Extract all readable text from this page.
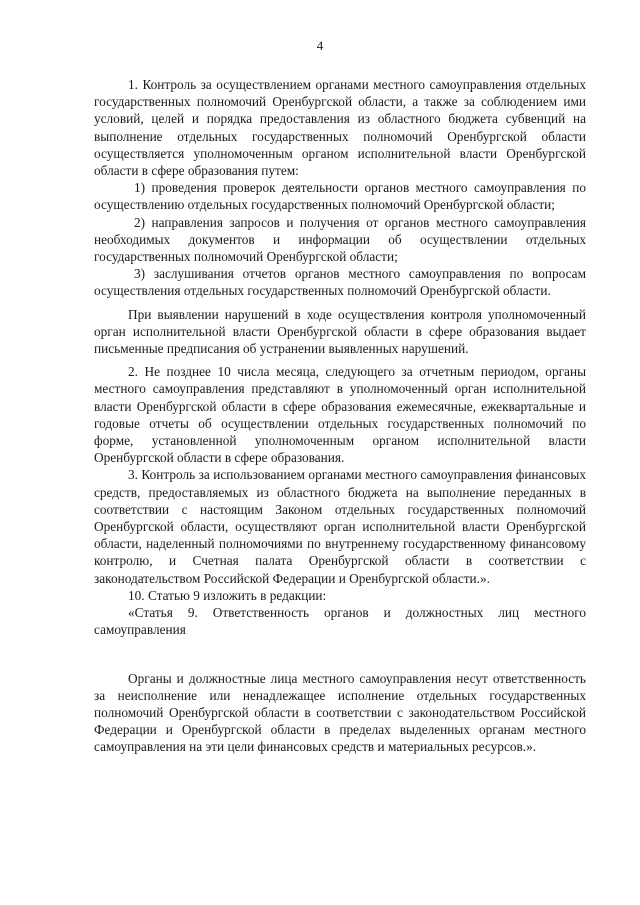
4

1. Контроль за осуществлением органами местного самоуправления отдельных государственных полномочий Оренбургской области, а также за соблюдением ими условий, целей и порядка предоставления из областного бюджета субвенций на выполнение отдельных государственных полномочий Оренбургской области осуществляется уполномоченным органом исполнительной власти Оренбургской области в сфере образования путем:

1) проведения проверок деятельности органов местного самоуправления по осуществлению отдельных государственных полномочий Оренбургской области;

2) направления запросов и получения от органов местного самоуправления необходимых документов и информации об осуществлении отдельных государственных полномочий Оренбургской области;

3) заслушивания отчетов органов местного самоуправления по вопросам осуществления отдельных государственных полномочий Оренбургской области.

При выявлении нарушений в ходе осуществления контроля уполномоченный орган исполнительной власти Оренбургской области в сфере образования выдает письменные предписания об устранении выявленных нарушений.

2. Не позднее 10 числа месяца, следующего за отчетным периодом, органы местного самоуправления представляют в уполномоченный орган исполнительной власти Оренбургской области в сфере образования ежемесячные, ежеквартальные и годовые отчеты об осуществлении отдельных государственных полномочий по форме, установленной уполномоченным органом исполнительной власти Оренбургской области в сфере образования.

3. Контроль за использованием органами местного самоуправления финансовых средств, предоставляемых из областного бюджета на выполнение переданных в соответствии с настоящим Законом отдельных государственных полномочий Оренбургской области, осуществляют орган исполнительной власти Оренбургской области, наделенный полномочиями по внутреннему государственному финансовому контролю, и Счетная палата Оренбургской области в соответствии с законодательством Российской Федерации и Оренбургской области.».

10. Статью 9 изложить в редакции:

«Статья 9. Ответственность органов и должностных лиц местного самоуправления

Органы и должностные лица местного самоуправления несут ответственность за неисполнение или ненадлежащее исполнение отдельных государственных полномочий Оренбургской области в соответствии с законодательством Российской Федерации и Оренбургской области в пределах выделенных органам местного самоуправления на эти цели финансовых средств и материальных ресурсов.».
